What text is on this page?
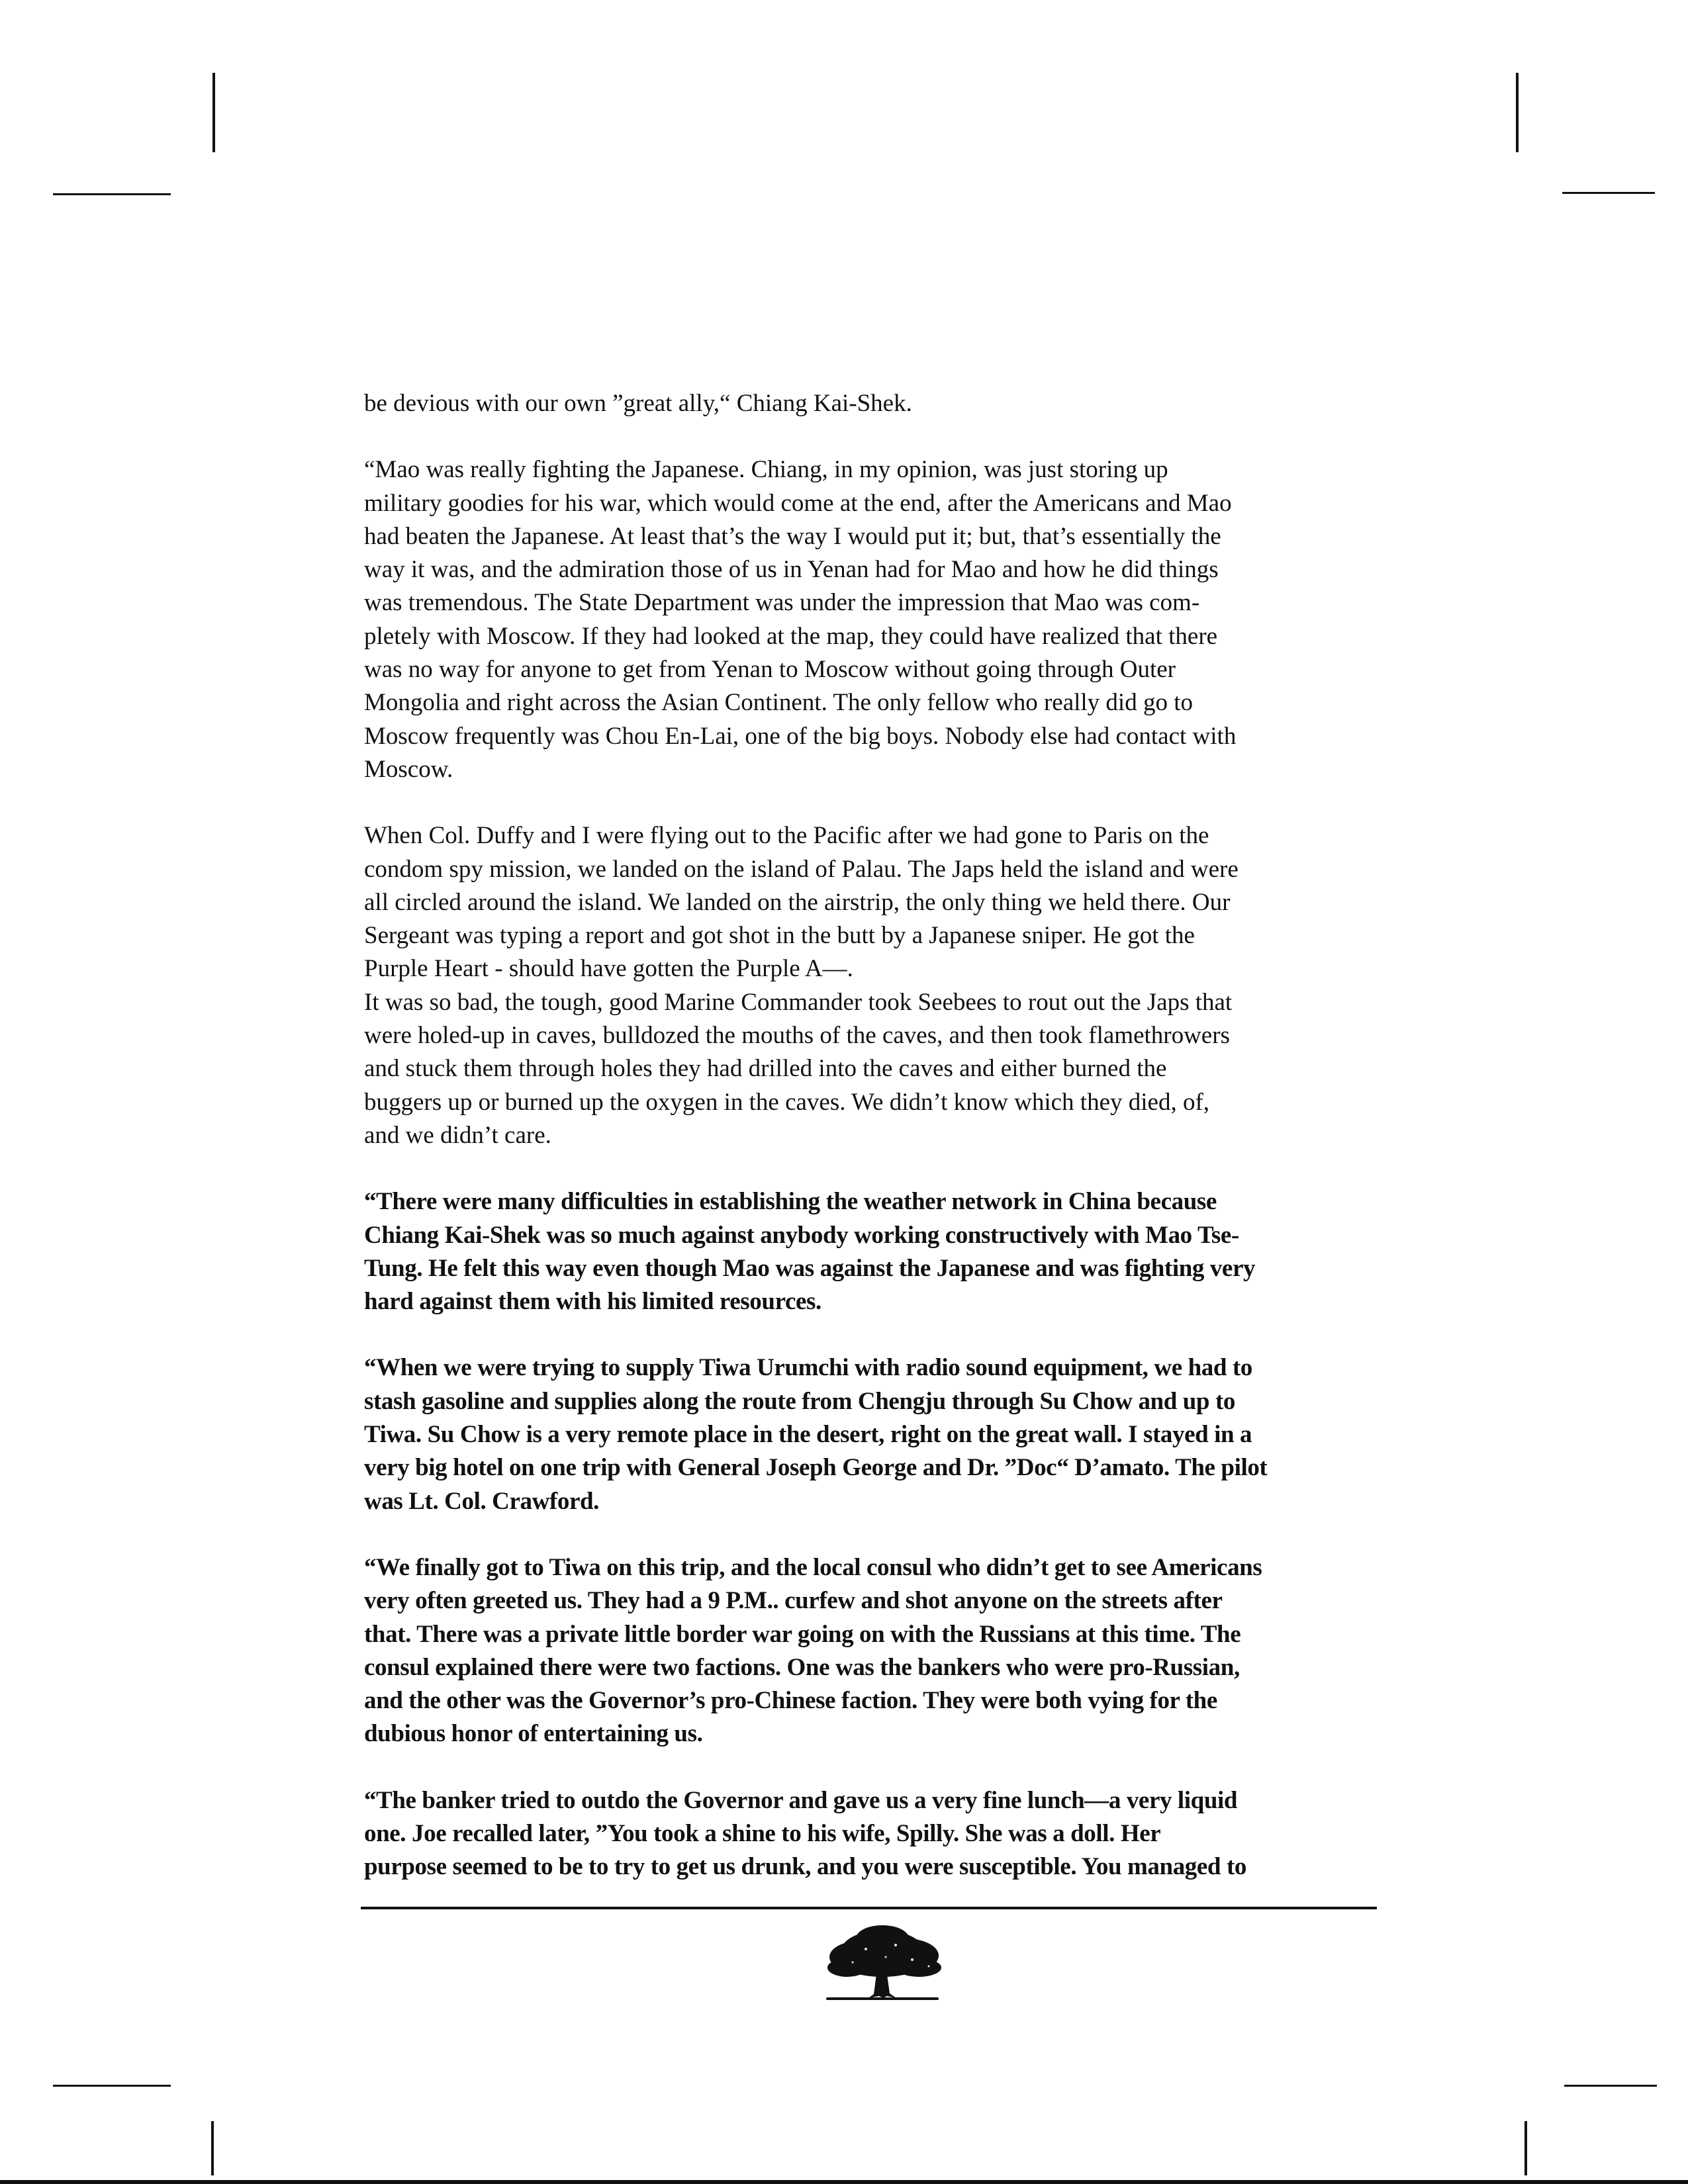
be devious with our own ”great ally,“ Chiang Kai-Shek.

“Mao was really fighting the Japanese. Chiang, in my opinion, was just storing up
military goodies for his war, which would come at the end, after the Americans and Mao
had beaten the Japanese. At least that’s the way I would put it; but, that’s essentially the
way it was, and the admiration those of us in Yenan had for Mao and how he did things
was tremendous. The State Department was under the impression that Mao was com-
pletely with Moscow. If they had looked at the map, they could have realized that there
was no way for anyone to get from Yenan to Moscow without going through Outer
Mongolia and right across the Asian Continent. The only fellow who really did go to
Moscow frequently was Chou En-Lai, one of the big boys. Nobody else had contact with
Moscow.

When Col. Duffy and I were flying out to the Pacific after we had gone to Paris on the
condom spy mission, we landed on the island of Palau. The Japs held the island and were
all circled around the island. We landed on the airstrip, the only thing we held there. Our
Sergeant was typing a report and got shot in the butt by a Japanese sniper. He got the
Purple Heart - should have gotten the Purple A—.
It was so bad, the tough, good Marine Commander took Seebees to rout out the Japs that
were holed-up in caves, bulldozed the mouths of the caves, and then took flamethrowers
and stuck them through holes they had drilled into the caves and either burned the
buggers up or burned up the oxygen in the caves. We didn’t know which they died, of,
and we didn’t care.

“There were many difficulties in establishing the weather network in China because
Chiang Kai-Shek was so much against anybody working constructively with Mao Tse-
Tung. He felt this way even though Mao was against the Japanese and was fighting very
hard against them with his limited resources.

“When we were trying to supply Tiwa Urumchi with radio sound equipment, we had to
stash gasoline and supplies along the route from Chengju through Su Chow and up to
Tiwa. Su Chow is a very remote place in the desert, right on the great wall. I stayed in a
very big hotel on one trip with General Joseph George and Dr. ”Doc“ D’amato. The pilot
was Lt. Col. Crawford.

“We finally got to Tiwa on this trip, and the local consul who didn’t get to see Americans
very often greeted us. They had a 9 P.M.. curfew and shot anyone on the streets after
that. There was a private little border war going on with the Russians at this time. The
consul explained there were two factions. One was the bankers who were pro-Russian,
and the other was the Governor’s pro-Chinese faction. They were both vying for the
dubious honor of entertaining us.

“The banker tried to outdo the Governor and gave us a very fine lunch—a very liquid
one. Joe recalled later, ”You took a shine to his wife, Spilly. She was a doll. Her
purpose seemed to be to try to get us drunk, and you were susceptible. You managed to
